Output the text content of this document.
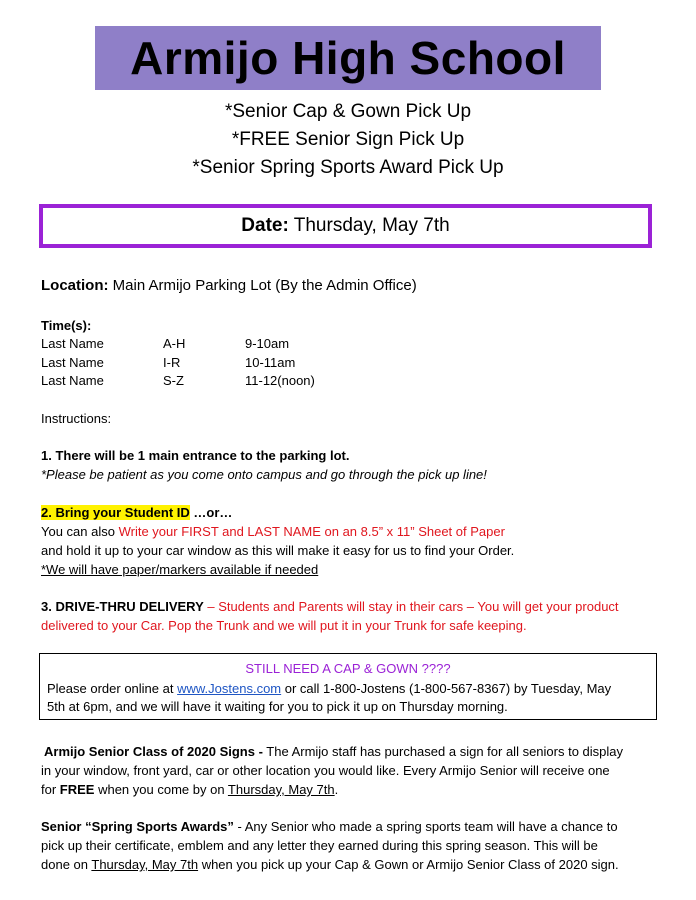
Armijo High School
*Senior Cap & Gown Pick Up
*FREE Senior Sign Pick Up
*Senior Spring Sports Award Pick Up
Date: Thursday, May 7th
Location: Main Armijo Parking Lot (By the Admin Office)
Time(s):
Last Name	A-H	9-10am
Last Name	I-R	10-11am
Last Name	S-Z	11-12(noon)
Instructions:
1. There will be 1 main entrance to the parking lot.
*Please be patient as you come onto campus and go through the pick up line!
2. Bring your Student ID …or…
You can also Write your FIRST and LAST NAME on an 8.5” x 11” Sheet of Paper
and hold it up to your car window as this will make it easy for us to find your Order.
*We will have paper/markers available if needed
3. DRIVE-THRU DELIVERY – Students and Parents will stay in their cars – You will get your product
delivered to your Car. Pop the Trunk and we will put it in your Trunk for safe keeping.
STILL NEED A CAP & GOWN ????
Please order online at www.Jostens.com or call 1-800-Jostens (1-800-567-8367) by Tuesday, May
5th at 6pm, and we will have it waiting for you to pick it up on Thursday morning.
Armijo Senior Class of 2020 Signs - The Armijo staff has purchased a sign for all seniors to display
in your window, front yard, car or other location you would like. Every Armijo Senior will receive one
for FREE when you come by on Thursday, May 7th.
Senior “Spring Sports Awards” - Any Senior who made a spring sports team will have a chance to
pick up their certificate, emblem and any letter they earned during this spring season. This will be
done on Thursday, May 7th when you pick up your Cap & Gown or Armijo Senior Class of 2020 sign.
